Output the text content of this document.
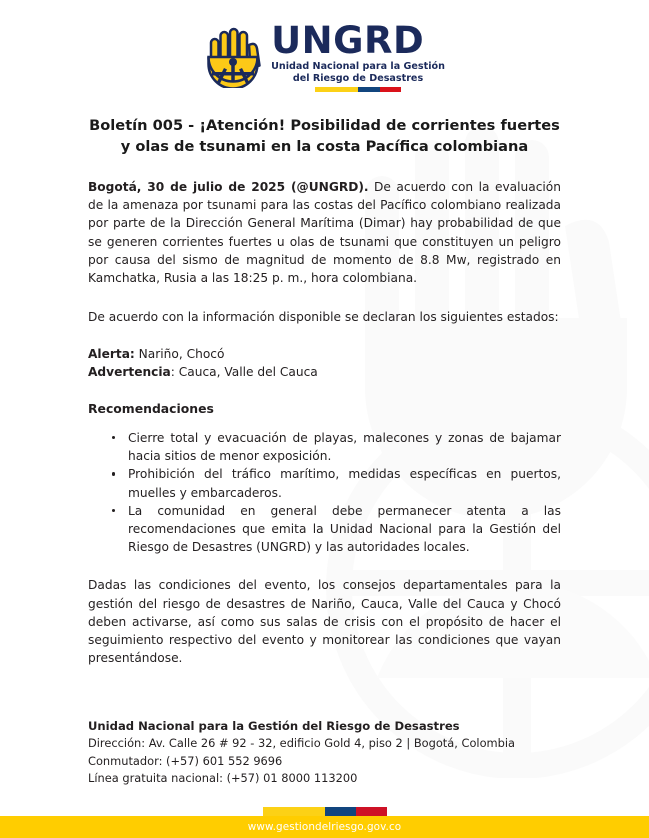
UNGRD
Unidad Nacional para la Gestión
del Riesgo de Desastres
Boletín 005 - ¡Atención! Posibilidad de corrientes fuertes y olas de tsunami en la costa Pacífica colombiana

Bogotá, 30 de julio de 2025 (@UNGRD). De acuerdo con la evaluación de la amenaza por tsunami para las costas del Pacífico colombiano realizada por parte de la Dirección General Marítima (Dimar) hay probabilidad de que se generen corrientes fuertes u olas de tsunami que constituyen un peligro por causa del sismo de magnitud de momento de 8.8 Mw, registrado en Kamchatka, Rusia a las 18:25 p. m., hora colombiana.

De acuerdo con la información disponible se declaran los siguientes estados:

Alerta: Nariño, Chocó
Advertencia: Cauca, Valle del Cauca
Recomendaciones
Cierre total y evacuación de playas, malecones y zonas de bajamar hacia sitios de menor exposición.
Prohibición del tráfico marítimo, medidas específicas en puertos, muelles y embarcaderos.
La comunidad en general debe permanecer atenta a las recomendaciones que emita la Unidad Nacional para la Gestión del Riesgo de Desastres (UNGRD) y las autoridades locales.

Dadas las condiciones del evento, los consejos departamentales para la gestión del riesgo de desastres de Nariño, Cauca, Valle del Cauca y Chocó deben activarse, así como sus salas de crisis con el propósito de hacer el seguimiento respectivo del evento y monitorear las condiciones que vayan presentándose.

Unidad Nacional para la Gestión del Riesgo de Desastres
Dirección: Av. Calle 26 # 92 - 32, edificio Gold 4, piso 2 | Bogotá, Colombia
Conmutador: (+57) 601 552 9696
Línea gratuita nacional: (+57) 01 8000 113200
www.gestiondelriesgo.gov.co
